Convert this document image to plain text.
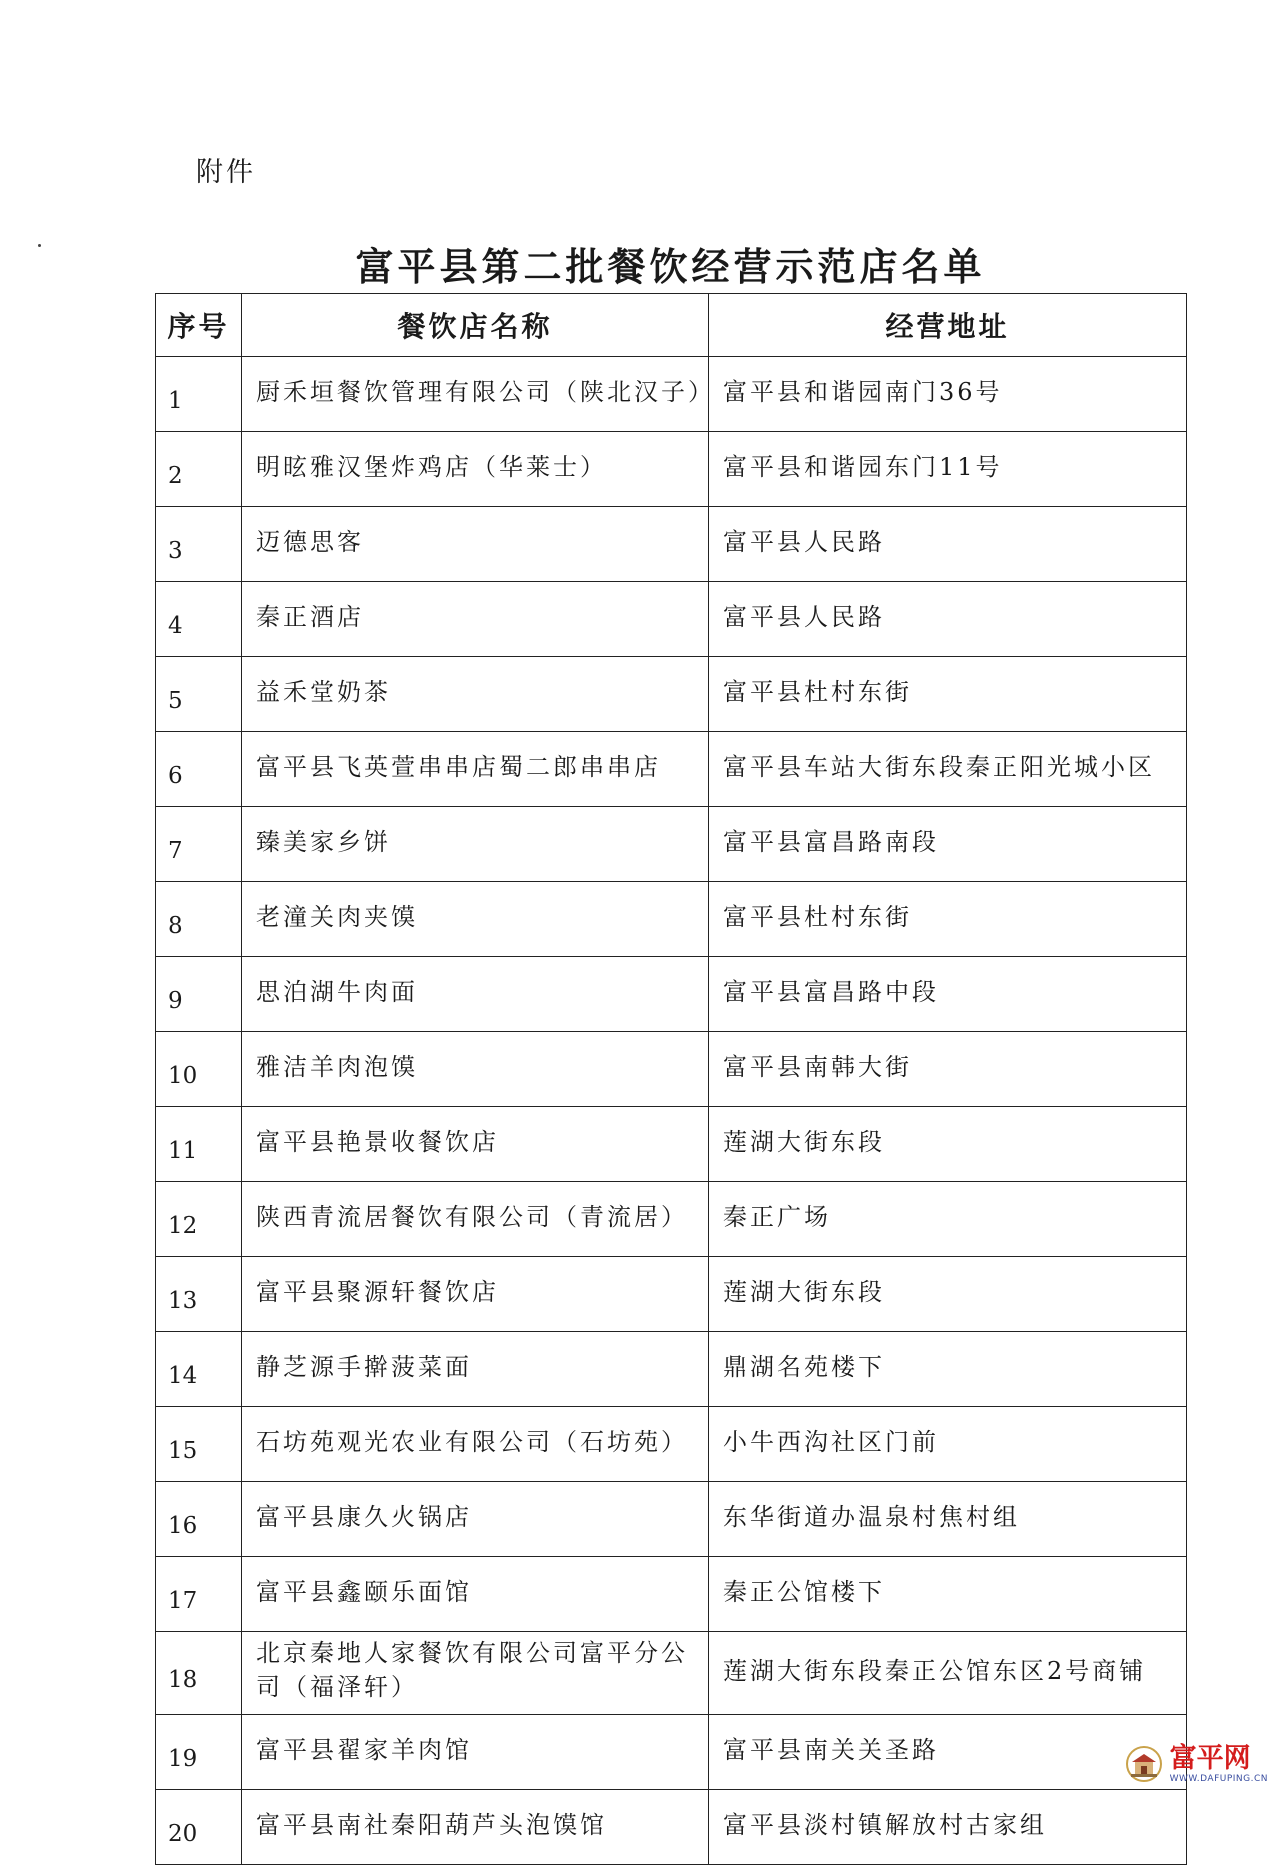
附件
富平县第二批餐饮经营示范店名单
序号	餐饮店名称	经营地址
1	厨禾垣餐饮管理有限公司（陕北汉子）	富平县和谐园南门36号
2	明昡雅汉堡炸鸡店（华莱士）	富平县和谐园东门11号
3	迈德思客	富平县人民路
4	秦正酒店	富平县人民路
5	益禾堂奶茶	富平县杜村东街
6	富平县飞英萱串串店蜀二郎串串店	富平县车站大街东段秦正阳光城小区
7	臻美家乡饼	富平县富昌路南段
8	老潼关肉夹馍	富平县杜村东街
9	思泊湖牛肉面	富平县富昌路中段
10	雅洁羊肉泡馍	富平县南韩大街
11	富平县艳景收餐饮店	莲湖大街东段
12	陕西青流居餐饮有限公司（青流居）	秦正广场
13	富平县聚源轩餐饮店	莲湖大街东段
14	静芝源手擀菠菜面	鼎湖名苑楼下
15	石坊苑观光农业有限公司（石坊苑）	小牛西沟社区门前
16	富平县康久火锅店	东华街道办温泉村焦村组
17	富平县鑫颐乐面馆	秦正公馆楼下
18	北京秦地人家餐饮有限公司富平分公司（福泽轩）	莲湖大街东段秦正公馆东区2号商铺
19	富平县翟家羊肉馆	富平县南关关圣路
20	富平县南社秦阳葫芦头泡馍馆	富平县淡村镇解放村古家组
富平网
WWW.DAFUPING.CN
